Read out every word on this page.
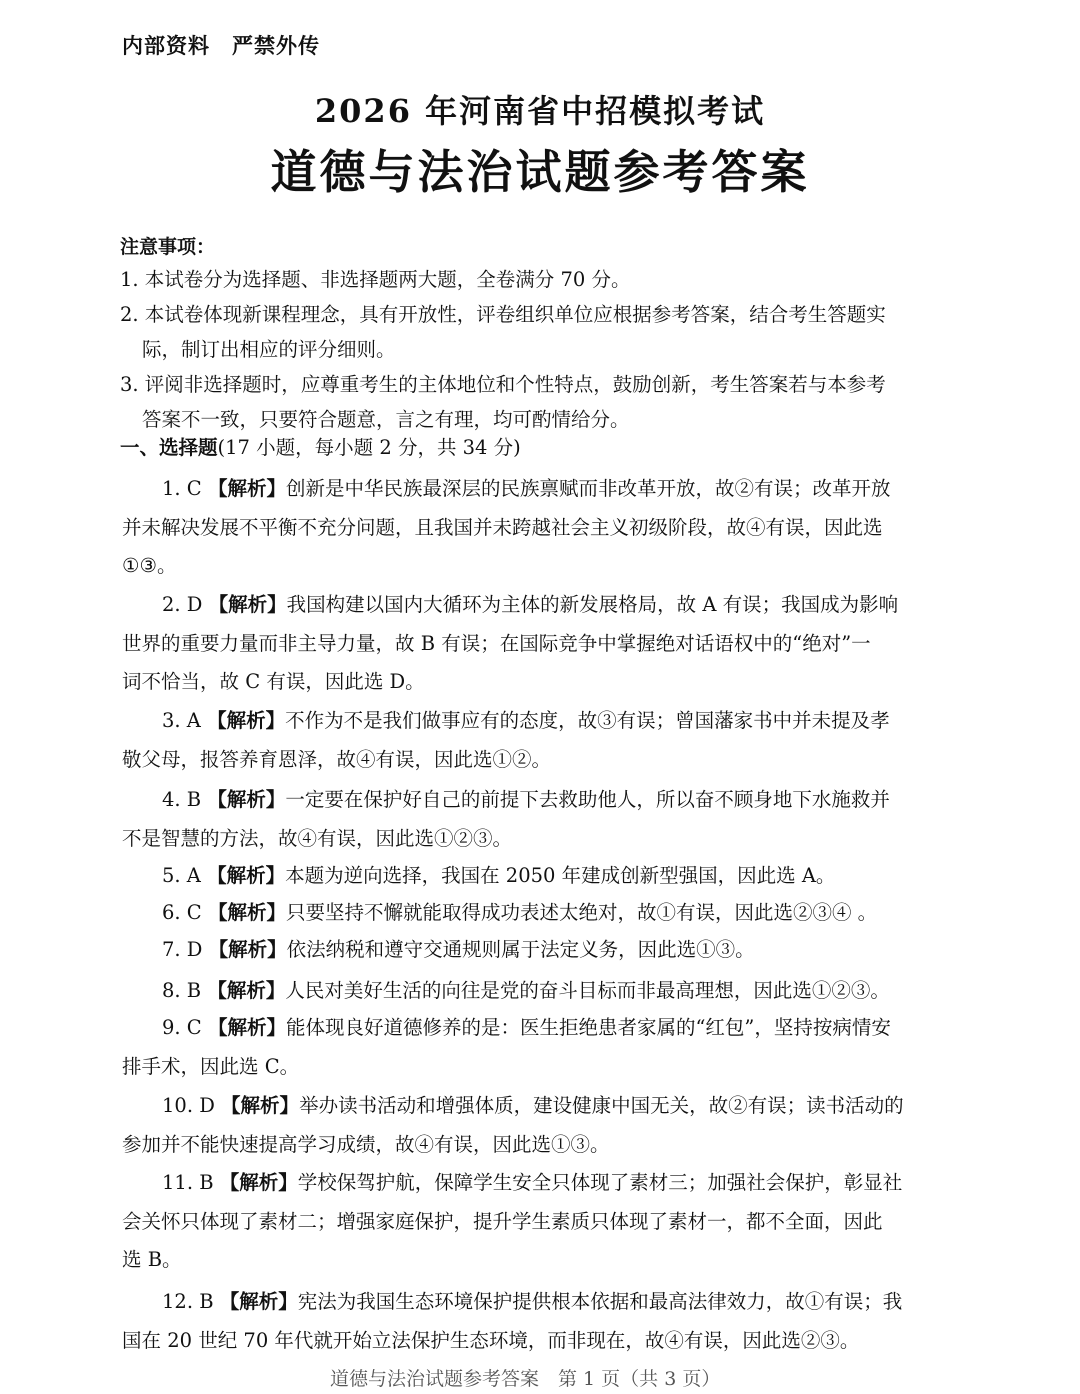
内部资料　严禁外传
2026 年河南省中招模拟考试
道德与法治试题参考答案
注意事项：
1. 本试卷分为选择题、非选择题两大题，全卷满分 70 分。
2. 本试卷体现新课程理念，具有开放性，评卷组织单位应根据参考答案，结合考生答题实
际，制订出相应的评分细则。
3. 评阅非选择题时，应尊重考生的主体地位和个性特点，鼓励创新，考生答案若与本参考
答案不一致，只要符合题意，言之有理，均可酌情给分。
一、选择题(17 小题，每小题 2 分，共 34 分)
1. C 【解析】创新是中华民族最深层的民族禀赋而非改革开放，故②有误；改革开放
并未解决发展不平衡不充分问题，且我国并未跨越社会主义初级阶段，故④有误，因此选
①③。
2. D 【解析】我国构建以国内大循环为主体的新发展格局，故 A 有误；我国成为影响
世界的重要力量而非主导力量，故 B 有误；在国际竞争中掌握绝对话语权中的“绝对”一
词不恰当，故 C 有误，因此选 D。
3. A 【解析】不作为不是我们做事应有的态度，故③有误；曾国藩家书中并未提及孝
敬父母，报答养育恩泽，故④有误，因此选①②。
4. B 【解析】一定要在保护好自己的前提下去救助他人，所以奋不顾身地下水施救并
不是智慧的方法，故④有误，因此选①②③。
5. A 【解析】本题为逆向选择，我国在 2050 年建成创新型强国，因此选 A。
6. C 【解析】只要坚持不懈就能取得成功表述太绝对，故①有误，因此选②③④ 。
7. D 【解析】依法纳税和遵守交通规则属于法定义务，因此选①③。
8. B 【解析】人民对美好生活的向往是党的奋斗目标而非最高理想，因此选①②③。
9. C 【解析】能体现良好道德修养的是：医生拒绝患者家属的“红包”，坚持按病情安
排手术，因此选 C。
10. D 【解析】举办读书活动和增强体质，建设健康中国无关，故②有误；读书活动的
参加并不能快速提高学习成绩，故④有误，因此选①③。
11. B 【解析】学校保驾护航，保障学生安全只体现了素材三；加强社会保护，彰显社
会关怀只体现了素材二；增强家庭保护，提升学生素质只体现了素材一，都不全面，因此
选 B。
12. B 【解析】宪法为我国生态环境保护提供根本依据和最高法律效力，故①有误；我
国在 20 世纪 70 年代就开始立法保护生态环境，而非现在，故④有误，因此选②③。
道德与法治试题参考答案　第 1 页（共 3 页）
